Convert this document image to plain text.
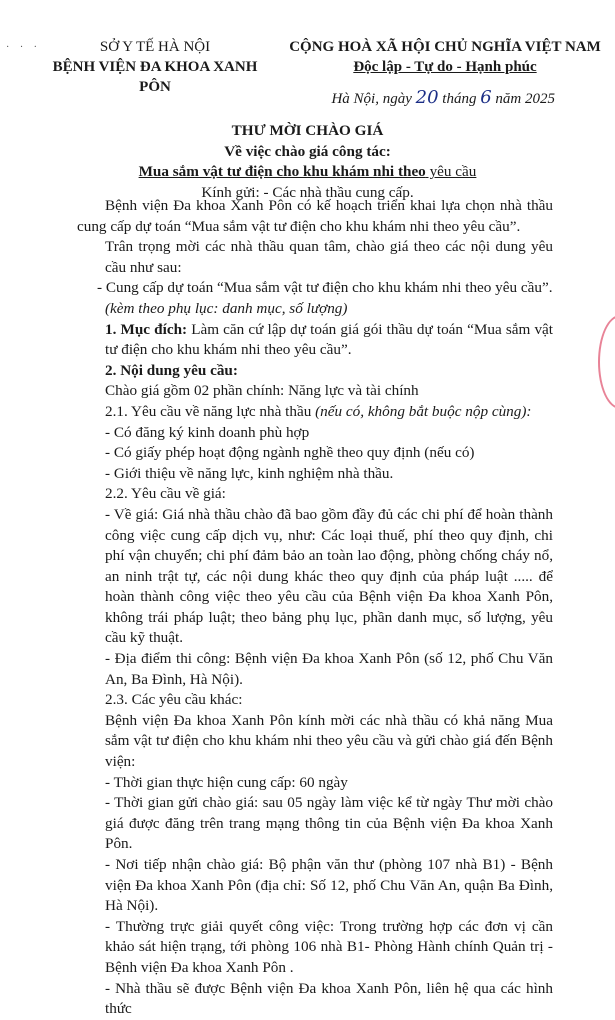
· · ·	SỞ Y TẾ HÀ NỘI
BỆNH VIỆN ĐA KHOA XANH PÔN
CỘNG HOÀ XÃ HỘI CHỦ NGHĨA VIỆT NAM
Độc lập - Tự do - Hạnh phúc
Hà Nội, ngày 20 tháng 6 năm 2025
THƯ MỜI CHÀO GIÁ
Về việc chào giá công tác:
Mua sắm vật tư điện cho khu khám nhi theo yêu cầu
Kính gửi: - Các nhà thầu cung cấp.

Bệnh viện Đa khoa Xanh Pôn có kế hoạch triển khai lựa chọn nhà thầu cung cấp dự toán “Mua sắm vật tư điện cho khu khám nhi theo yêu cầu”.

Trân trọng mời các nhà thầu quan tâm, chào giá theo các nội dung yêu cầu như sau:

- Cung cấp dự toán “Mua sắm vật tư điện cho khu khám nhi theo yêu cầu”.

(kèm theo phụ lục: danh mục, số lượng)

1. Mục đích: Làm căn cứ lập dự toán giá gói thầu dự toán “Mua sắm vật tư điện cho khu khám nhi theo yêu cầu”.

2. Nội dung yêu cầu:

Chào giá gồm 02 phần chính: Năng lực và tài chính

2.1. Yêu cầu về năng lực nhà thầu (nếu có, không bắt buộc nộp cùng):

- Có đăng ký kinh doanh phù hợp

- Có giấy phép hoạt động ngành nghề theo quy định (nếu có)

- Giới thiệu về năng lực, kinh nghiệm nhà thầu.

2.2. Yêu cầu về giá:

- Về giá: Giá nhà thầu chào đã bao gồm đầy đủ các chi phí để hoàn thành công việc cung cấp dịch vụ, như: Các loại thuế, phí theo quy định, chi phí vận chuyển; chi phí đảm bảo an toàn lao động, phòng chống cháy nổ, an ninh trật tự, các nội dung khác theo quy định của pháp luật ..... để hoàn thành công việc theo yêu cầu của Bệnh viện Đa khoa Xanh Pôn, không trái pháp luật; theo bảng phụ lục, phần danh mục, số lượng, yêu cầu kỹ thuật.

- Địa điểm thi công: Bệnh viện Đa khoa Xanh Pôn (số 12, phố Chu Văn An, Ba Đình, Hà Nội).

2.3. Các yêu cầu khác:

Bệnh viện Đa khoa Xanh Pôn kính mời các nhà thầu có khả năng Mua sắm vật tư điện cho khu khám nhi theo yêu cầu và gửi chào giá đến Bệnh viện:

- Thời gian thực hiện cung cấp: 60 ngày

- Thời gian gửi chào giá: sau 05 ngày làm việc kể từ ngày Thư mời chào giá được đăng trên trang mạng thông tin của Bệnh viện Đa khoa Xanh Pôn.

- Nơi tiếp nhận chào giá: Bộ phận văn thư (phòng 107 nhà B1) - Bệnh viện Đa khoa Xanh Pôn (địa chỉ: Số 12, phố Chu Văn An, quận Ba Đình, Hà Nội).

- Thường trực giải quyết công việc: Trong trường hợp các đơn vị cần khảo sát hiện trạng, tới phòng 106 nhà B1- Phòng Hành chính Quản trị - Bệnh viện Đa khoa Xanh Pôn .

- Nhà thầu sẽ được Bệnh viện Đa khoa Xanh Pôn, liên hệ qua các hình thức
